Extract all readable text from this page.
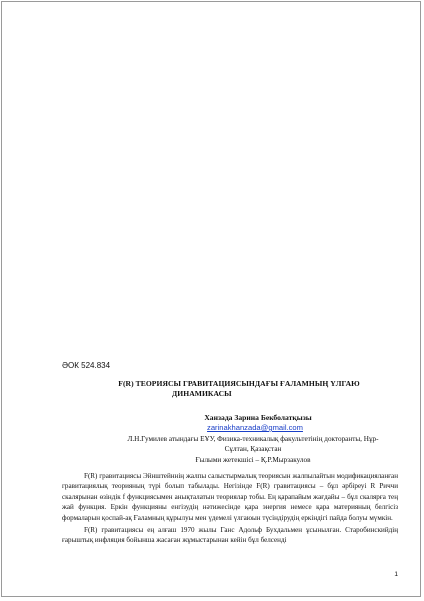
ӘОК 524.834
F(R) ТЕОРИЯСЫ ГРАВИТАЦИЯСЫНДАҒЫ ҒАЛАМНЫҢ ҮЛГАЮ
ДИНАМИКАСЫ
Ханзада Зарина Бекболатқызы
zarinakhanzada@gmail.com
Л.Н.Гумилев атындағы ЕҰУ, Физика-техникалық факультетінің докторанты, Нұр-
Сұлтан, Қазақстан
Ғылыми жетекшісі – Қ.Р.Мырзакулов

F(R) гравитациясы Эйнштейннің жалпы салыстырмалық теориясын жалпылайтын модификацияланған гравитациялық теорияның түрі болып табылады. Негізінде F(R) гравитациясы – бұл әрбіреуі R Риччи скалярынан өзіндік f функциясымен анықталатын теориялар тобы. Ең қарапайым жағдайы – бұл скалярға тең жай функция. Еркін функцияны енгізудің нәтижесінде қара энергия немесе қара материяның белгісіз формаларын қоспай-ақ Ғаламның құрылуы мен үдемелі үлгаюын түсіндірудің еркіндігі пайда болуы мүмкін.

F(R) гравитациясы ең алғаш 1970 жылы Ганс Адольф Бухдальмен ұсынылған. Старобинскийдің ғарыштық инфляция бойынша жасаған жұмыстарынан кейін бұл белсенді

1
